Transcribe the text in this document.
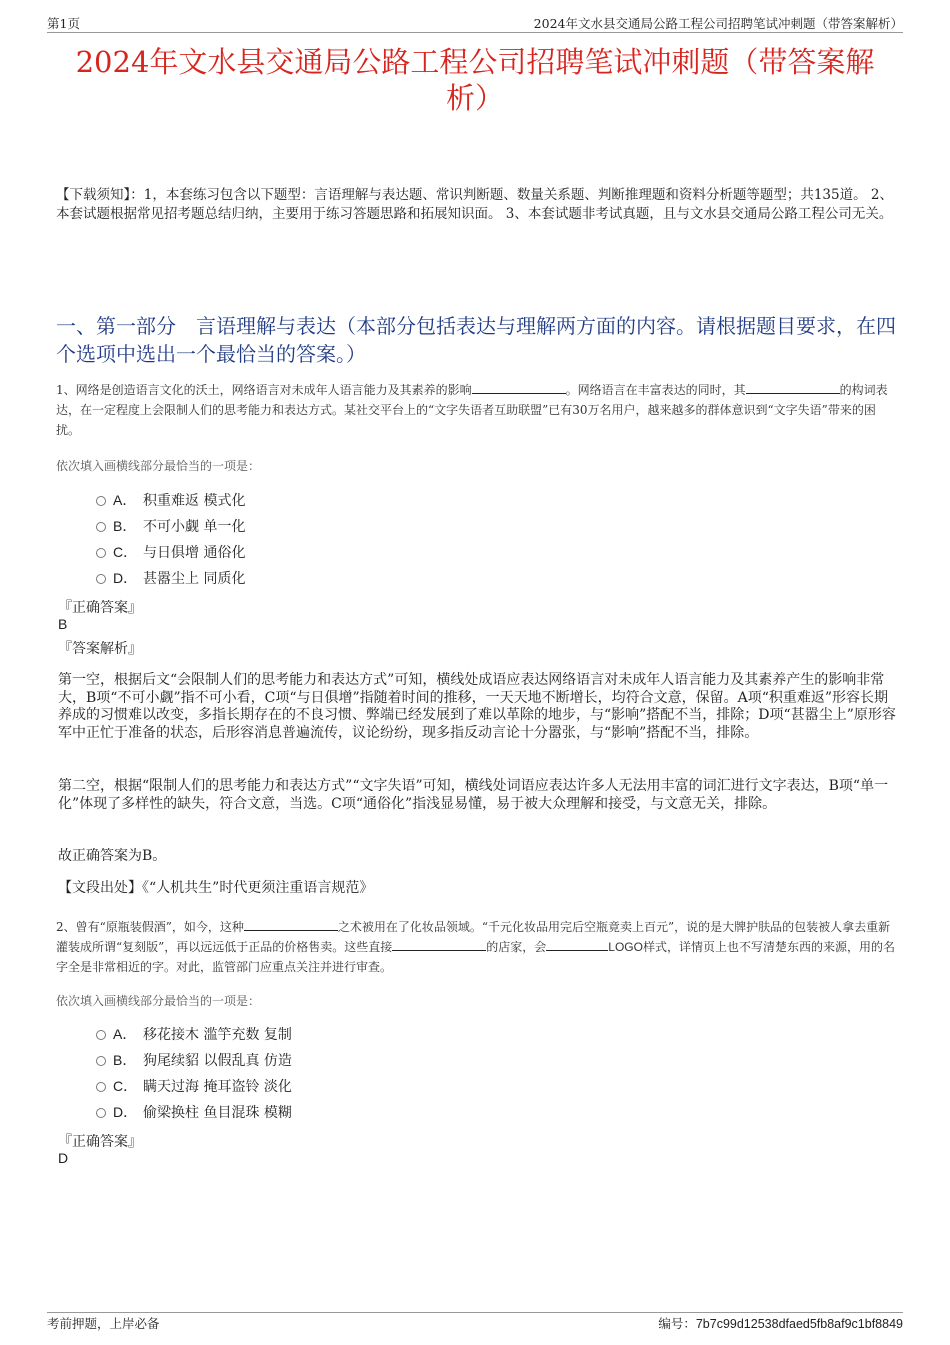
第1页	2024年文水县交通局公路工程公司招聘笔试冲刺题（带答案解析）
2024年文水县交通局公路工程公司招聘笔试冲刺题（带答案解
析）
【下载须知】：1，本套练习包含以下题型：言语理解与表达题、常识判断题、数量关系题、判断推理题和资料分析题等题型；共135道。 2、本套试题根据常见招考题总结归纳，主要用于练习答题思路和拓展知识面。 3、本套试题非考试真题，且与文水县交通局公路工程公司无关。
一、第一部分　言语理解与表达（本部分包括表达与理解两方面的内容。请根据题目要求，在四个选项中选出一个最恰当的答案。）
1、网络是创造语言文化的沃土，网络语言对未成年人语言能力及其素养的影响	。网络语言在丰富表达的同时，其	的构词表达，在一定程度上会限制人们的思考能力和表达方式。某社交平台上的“文字失语者互助联盟”已有30万名用户，越来越多的群体意识到“文字失语”带来的困扰。
依次填入画横线部分最恰当的一项是：
A． 积重难返 模式化
B． 不可小觑 单一化
C． 与日俱增 通俗化
D． 甚嚣尘上 同质化
『正确答案』
B
『答案解析』
第一空，根据后文“会限制人们的思考能力和表达方式”可知，横线处成语应表达网络语言对未成年人语言能力及其素养产生的影响非常大，B项“不可小觑”指不可小看，C项“与日俱增”指随着时间的推移，一天天地不断增长，均符合文意，保留。A项“积重难返”形容长期养成的习惯难以改变，多指长期存在的不良习惯、弊端已经发展到了难以革除的地步，与“影响”搭配不当，排除；D项“甚嚣尘上”原形容军中正忙于准备的状态，后形容消息普遍流传，议论纷纷，现多指反动言论十分嚣张，与“影响”搭配不当，排除。
第二空，根据“限制人们的思考能力和表达方式”“文字失语”可知，横线处词语应表达许多人无法用丰富的词汇进行文字表达，B项“单一化”体现了多样性的缺失，符合文意，当选。C项“通俗化”指浅显易懂，易于被大众理解和接受，与文意无关，排除。
故正确答案为B。
【文段出处】《“人机共生”时代更须注重语言规范》
2、曾有“原瓶装假酒”，如今，这种	之术被用在了化妆品领域。“千元化妆品用完后空瓶竟卖上百元”，说的是大牌护肤品的包装被人拿去重新灌装成所谓“复刻版”，再以远远低于正品的价格售卖。这些直接	的店家，会	LOGO样式，详情页上也不写清楚东西的来源，用的名字全是非常相近的字。对此，监管部门应重点关注并进行审查。
依次填入画横线部分最恰当的一项是：
A． 移花接木 滥竽充数 复制
B． 狗尾续貂 以假乱真 仿造
C． 瞒天过海 掩耳盗铃 淡化
D． 偷梁换柱 鱼目混珠 模糊
『正确答案』
D
考前押题，上岸必备	编号：7b7c99d12538dfaed5fb8af9c1bf8849
